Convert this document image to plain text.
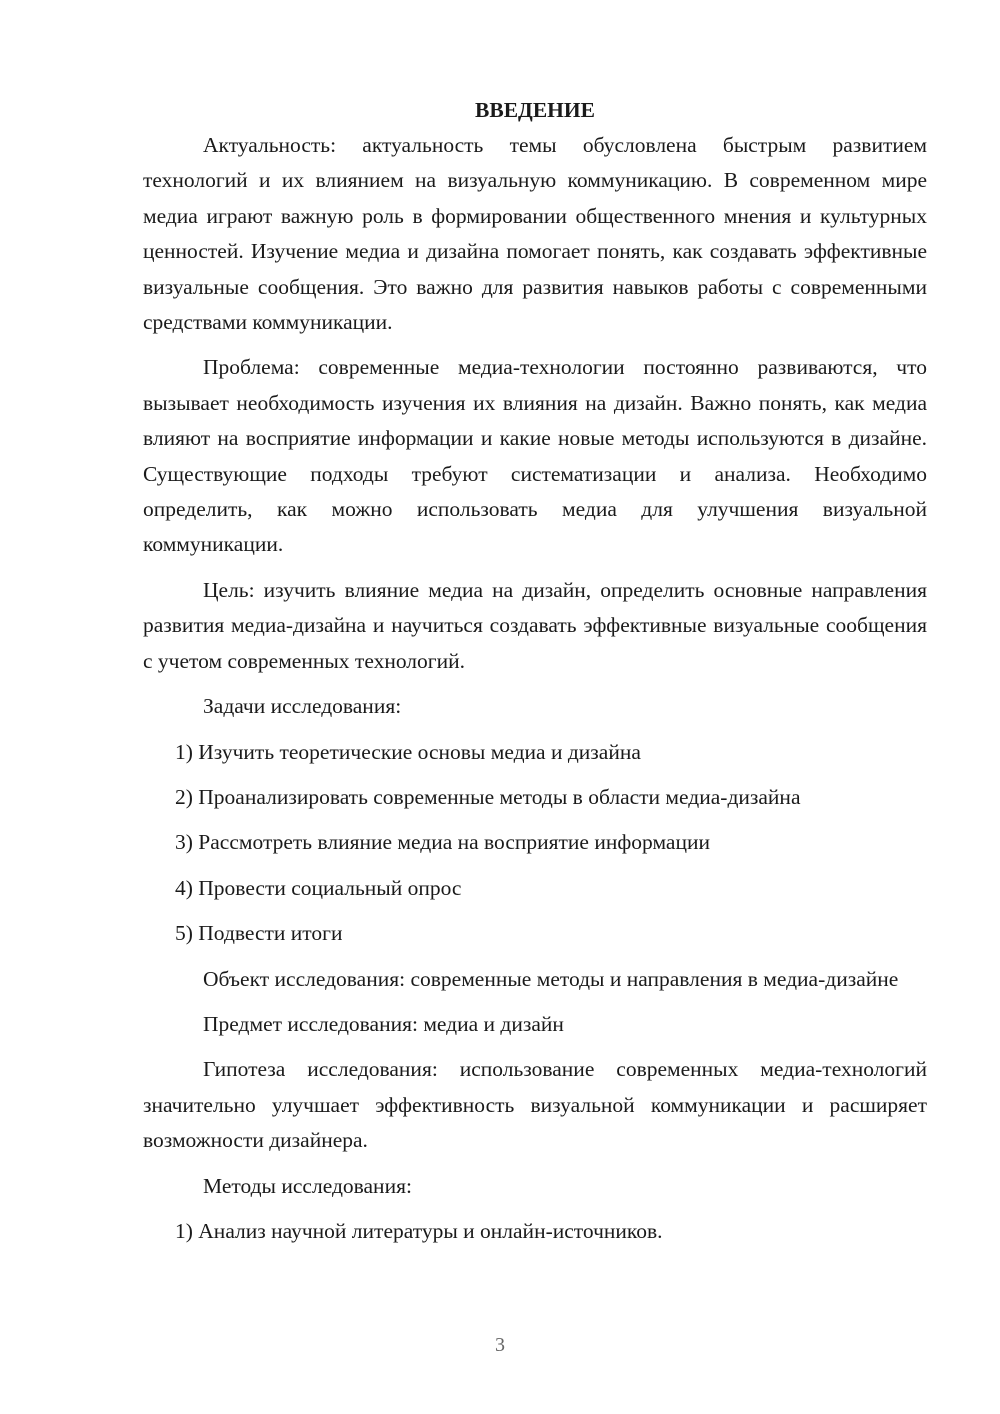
ВВЕДЕНИЕ

Актуальность: актуальность темы обусловлена быстрым развитием технологий и их влиянием на визуальную коммуникацию. В современном мире медиа играют важную роль в формировании общественного мнения и культурных ценностей. Изучение медиа и дизайна помогает понять, как создавать эффективные визуальные сообщения. Это важно для развития навыков работы с современными средствами коммуникации.

Проблема: современные медиа-технологии постоянно развиваются, что вызывает необходимость изучения их влияния на дизайн. Важно понять, как медиа влияют на восприятие информации и какие новые методы используются в дизайне. Существующие подходы требуют систематизации и анализа. Необходимо определить, как можно использовать медиа для улучшения визуальной коммуникации.

Цель: изучить влияние медиа на дизайн, определить основные направления развития медиа-дизайна и научиться создавать эффективные визуальные сообщения с учетом современных технологий.

Задачи исследования:

1) Изучить теоретические основы медиа и дизайна
2) Проанализировать современные методы в области медиа-дизайна
3) Рассмотреть влияние медиа на восприятие информации
4) Провести социальный опрос
5) Подвести итоги

Объект исследования: современные методы и направления в медиа-дизайне

Предмет исследования: медиа и дизайн

Гипотеза исследования: использование современных медиа-технологий значительно улучшает эффективность визуальной коммуникации и расширяет возможности дизайнера.

Методы исследования:

1) Анализ научной литературы и онлайн-источников.
3
